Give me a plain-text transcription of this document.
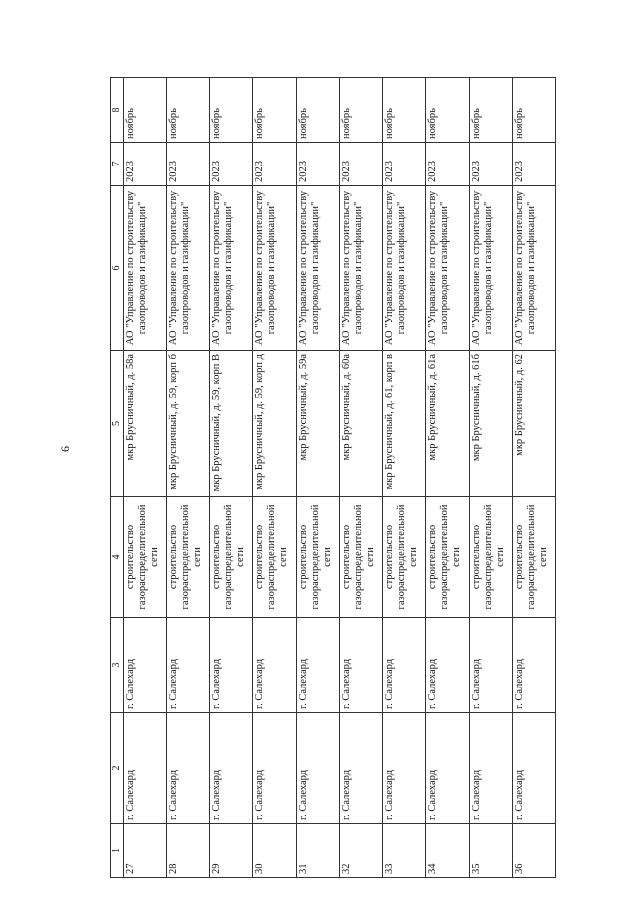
6
1	2	3	4	5	6	7	8
27	г. Салехард	г. Салехард	строительство газораспределительной сети	мкр Брусничный, д. 58а	АО "Управление по строительству газопроводов и газификации"	2023	ноябрь
28	г. Салехард	г. Салехард	строительство газораспределительной сети	мкр Брусничный, д. 59, корп б	АО "Управление по строительству газопроводов и газификации"	2023	ноябрь
29	г. Салехард	г. Салехард	строительство газораспределительной сети	мкр Брусничный, д. 59, корп В	АО "Управление по строительству газопроводов и газификации"	2023	ноябрь
30	г. Салехард	г. Салехард	строительство газораспределительной сети	мкр Брусничный, д. 59, корп д	АО "Управление по строительству газопроводов и газификации"	2023	ноябрь
31	г. Салехард	г. Салехард	строительство газораспределительной сети	мкр Брусничный, д. 59а	АО "Управление по строительству газопроводов и газификации"	2023	ноябрь
32	г. Салехард	г. Салехард	строительство газораспределительной сети	мкр Брусничный, д. 60а	АО "Управление по строительству газопроводов и газификации"	2023	ноябрь
33	г. Салехард	г. Салехард	строительство газораспределительной сети	мкр Брусничный, д. 61, корп в	АО "Управление по строительству газопроводов и газификации"	2023	ноябрь
34	г. Салехард	г. Салехард	строительство газораспределительной сети	мкр Брусничный, д. 61а	АО "Управление по строительству газопроводов и газификации"	2023	ноябрь
35	г. Салехард	г. Салехард	строительство газораспределительной сети	мкр Брусничный, д. 61б	АО "Управление по строительству газопроводов и газификации"	2023	ноябрь
36	г. Салехард	г. Салехард	строительство газораспределительной сети	мкр Брусничный, д. 62	АО "Управление по строительству газопроводов и газификации"	2023	ноябрь
